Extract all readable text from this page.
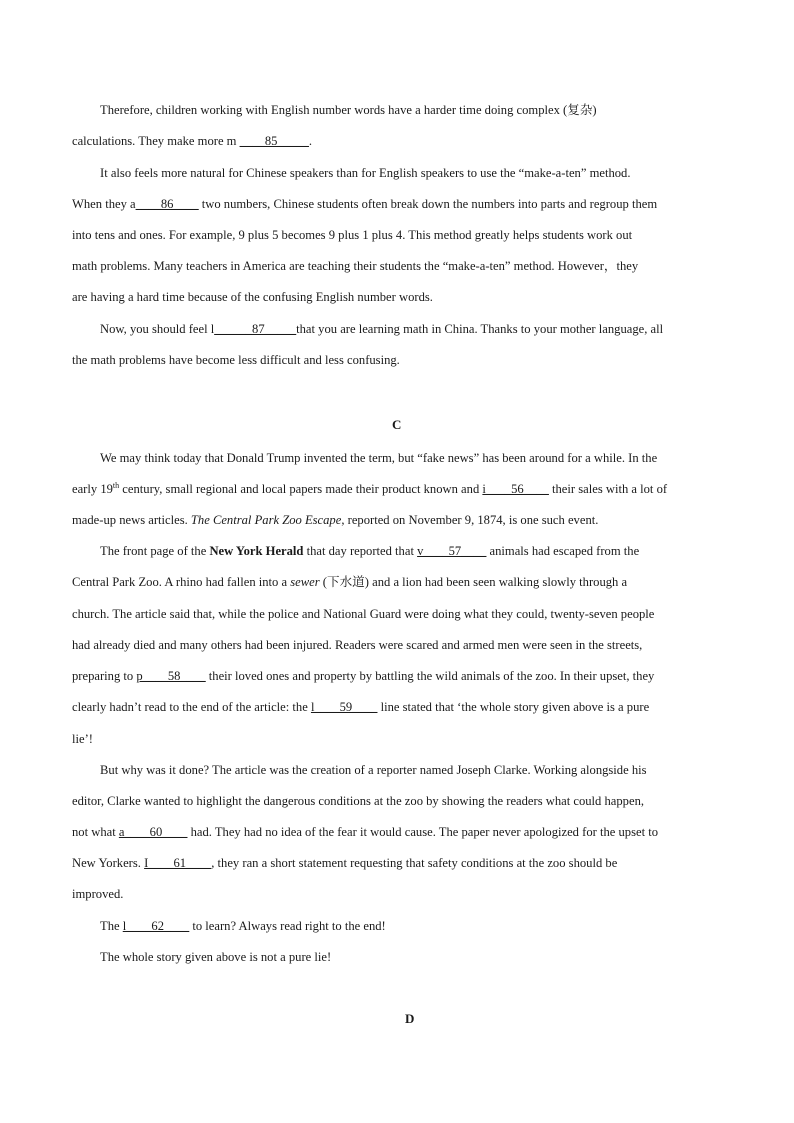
Therefore, children working with English number words have a harder time doing complex (复杂)
calculations. They make more m ____85_____.
It also feels more natural for Chinese speakers than for English speakers to use the “make-a-ten” method.
When they a____86____ two numbers, Chinese students often break down the numbers into parts and regroup them
into tens and ones. For example, 9 plus 5 becomes 9 plus 1 plus 4. This method greatly helps students work out
math problems. Many teachers in America are teaching their students the “make-a-ten” method. However，they
are having a hard time because of the confusing English number words.
Now, you should feel l______87_____that you are learning math in China. Thanks to your mother language, all
the math problems have become less difficult and less confusing.
C
We may think today that Donald Trump invented the term, but “fake news” has been around for a while. In the
early 19th century, small regional and local papers made their product known and i____56____ their sales with a lot of
made-up news articles. The Central Park Zoo Escape, reported on November 9, 1874, is one such event.
The front page of the New York Herald that day reported that v____57____ animals had escaped from the
Central Park Zoo. A rhino had fallen into a sewer (下水道) and a lion had been seen walking slowly through a
church. The article said that, while the police and National Guard were doing what they could, twenty-seven people
had already died and many others had been injured. Readers were scared and armed men were seen in the streets,
preparing to p____58____ their loved ones and property by battling the wild animals of the zoo. In their upset, they
clearly hadn’t read to the end of the article: the l____59____ line stated that ‘the whole story given above is a pure
lie’!
But why was it done? The article was the creation of a reporter named Joseph Clarke. Working alongside his
editor, Clarke wanted to highlight the dangerous conditions at the zoo by showing the readers what could happen,
not what a____60____ had. They had no idea of the fear it would cause. The paper never apologized for the upset to
New Yorkers. I____61____, they ran a short statement requesting that safety conditions at the zoo should be
improved.
The l____62____ to learn? Always read right to the end!
The whole story given above is not a pure lie!
D
